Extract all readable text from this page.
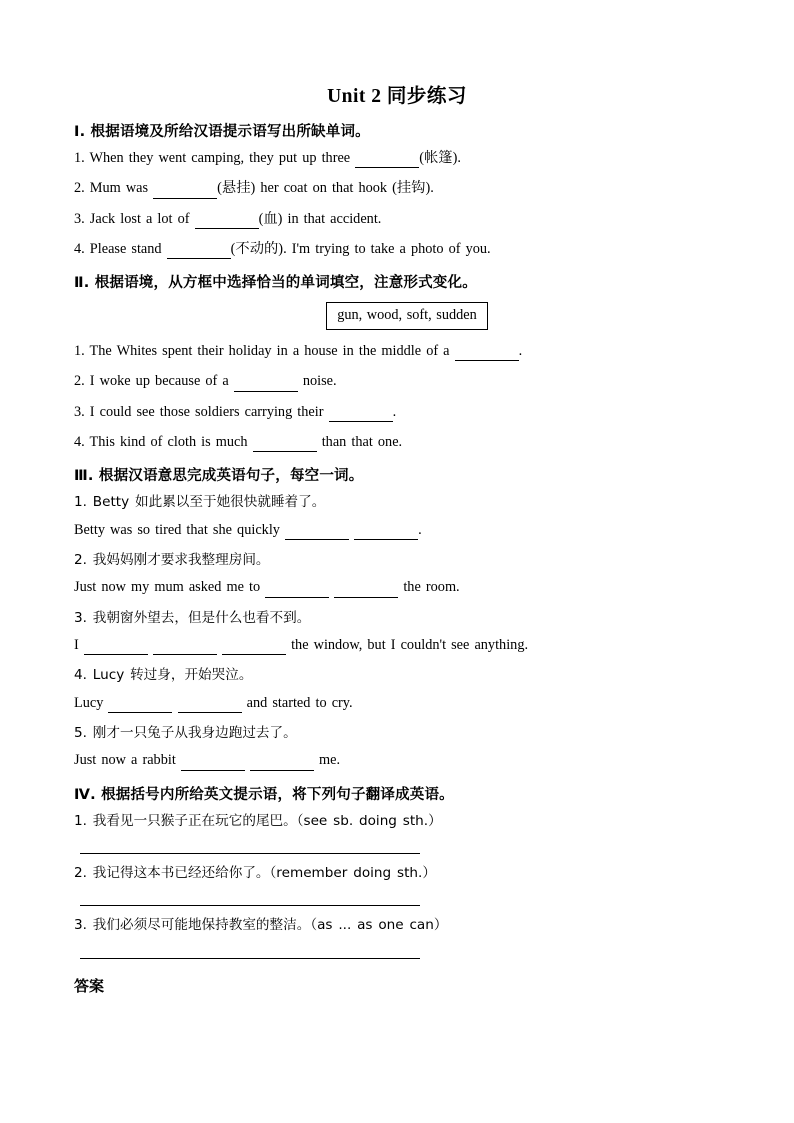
Unit 2 同步练习
Ⅰ. 根据语境及所给汉语提示语写出所缺单词。
1. When they went camping, they put up three	(帐篷).
2. Mum was	(悬挂) her coat on that hook (挂钩).
3. Jack lost a lot of	(血) in that accident.
4. Please stand	(不动的). I'm trying to take a photo of you.
Ⅱ. 根据语境，从方框中选择恰当的单词填空，注意形式变化。
gun, wood, soft, sudden
1. The Whites spent their holiday in a house in the middle of a	.
2. I woke up because of a	noise.
3. I could see those soldiers carrying their	.
4. This kind of cloth is much	than that one.
Ⅲ. 根据汉语意思完成英语句子，每空一词。
1. Betty 如此累以至于她很快就睡着了。
Betty was so tired that she quickly	.
2. 我妈妈刚才要求我整理房间。
Just now my mum asked me to	the room.
3. 我朝窗外望去，但是什么也看不到。
I	the window, but I couldn't see anything.
4. Lucy 转过身，开始哭泣。
Lucy	and started to cry.
5. 刚才一只兔子从我身边跑过去了。
Just now a rabbit	me.
Ⅳ. 根据括号内所给英文提示语，将下列句子翻译成英语。
1. 我看见一只猴子正在玩它的尾巴。（see sb. doing sth.）
2. 我记得这本书已经还给你了。（remember doing sth.）
3. 我们必须尽可能地保持教室的整洁。（as ... as one can）
答案
